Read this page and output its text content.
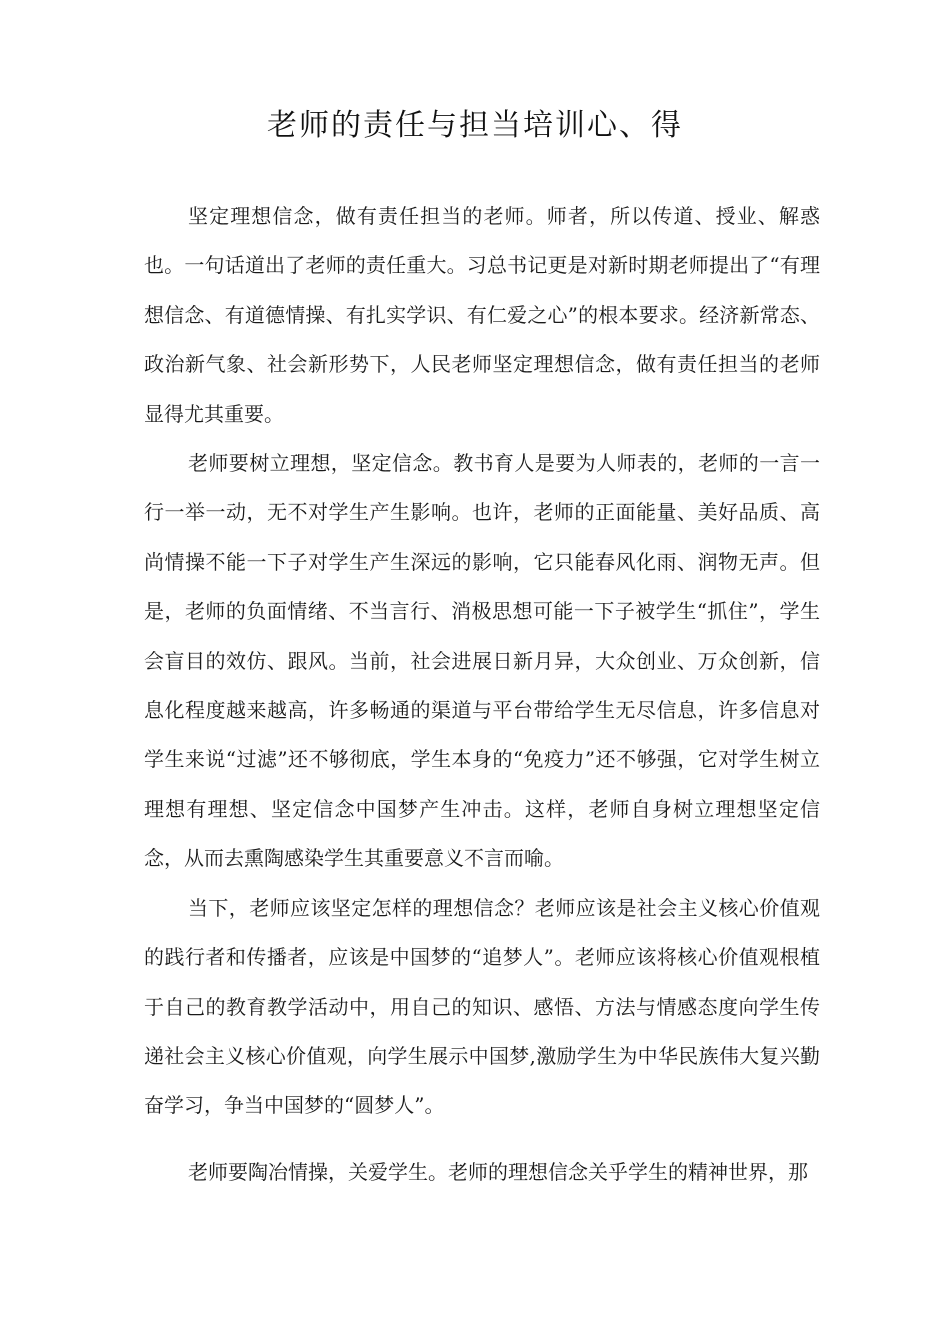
老师的责任与担当培训心、得

坚定理想信念，做有责任担当的老师。师者，所以传道、授业、解惑也。一句话道出了老师的责任重大。习总书记更是对新时期老师提出了“有理想信念、有道德情操、有扎实学识、有仁爱之心”的根本要求。经济新常态、政治新气象、社会新形势下，人民老师坚定理想信念，做有责任担当的老师显得尤其重要。

老师要树立理想，坚定信念。教书育人是要为人师表的，老师的一言一行一举一动，无不对学生产生影响。也许，老师的正面能量、美好品质、高尚情操不能一下子对学生产生深远的影响，它只能春风化雨、润物无声。但是，老师的负面情绪、不当言行、消极思想可能一下子被学生“抓住”，学生会盲目的效仿、跟风。当前，社会进展日新月异，大众创业、万众创新，信息化程度越来越高，许多畅通的渠道与平台带给学生无尽信息，许多信息对学生来说“过滤”还不够彻底，学生本身的“免疫力”还不够强，它对学生树立理想有理想、坚定信念中国梦产生冲击。这样，老师自身树立理想坚定信念，从而去熏陶感染学生其重要意义不言而喻。

当下，老师应该坚定怎样的理想信念？老师应该是社会主义核心价值观的践行者和传播者，应该是中国梦的“追梦人”。老师应该将核心价值观根植于自己的教育教学活动中，用自己的知识、感悟、方法与情感态度向学生传递社会主义核心价值观，向学生展示中国梦,激励学生为中华民族伟大复兴勤奋学习，争当中国梦的“圆梦人”。

老师要陶冶情操，关爱学生。老师的理想信念关乎学生的精神世界，那
